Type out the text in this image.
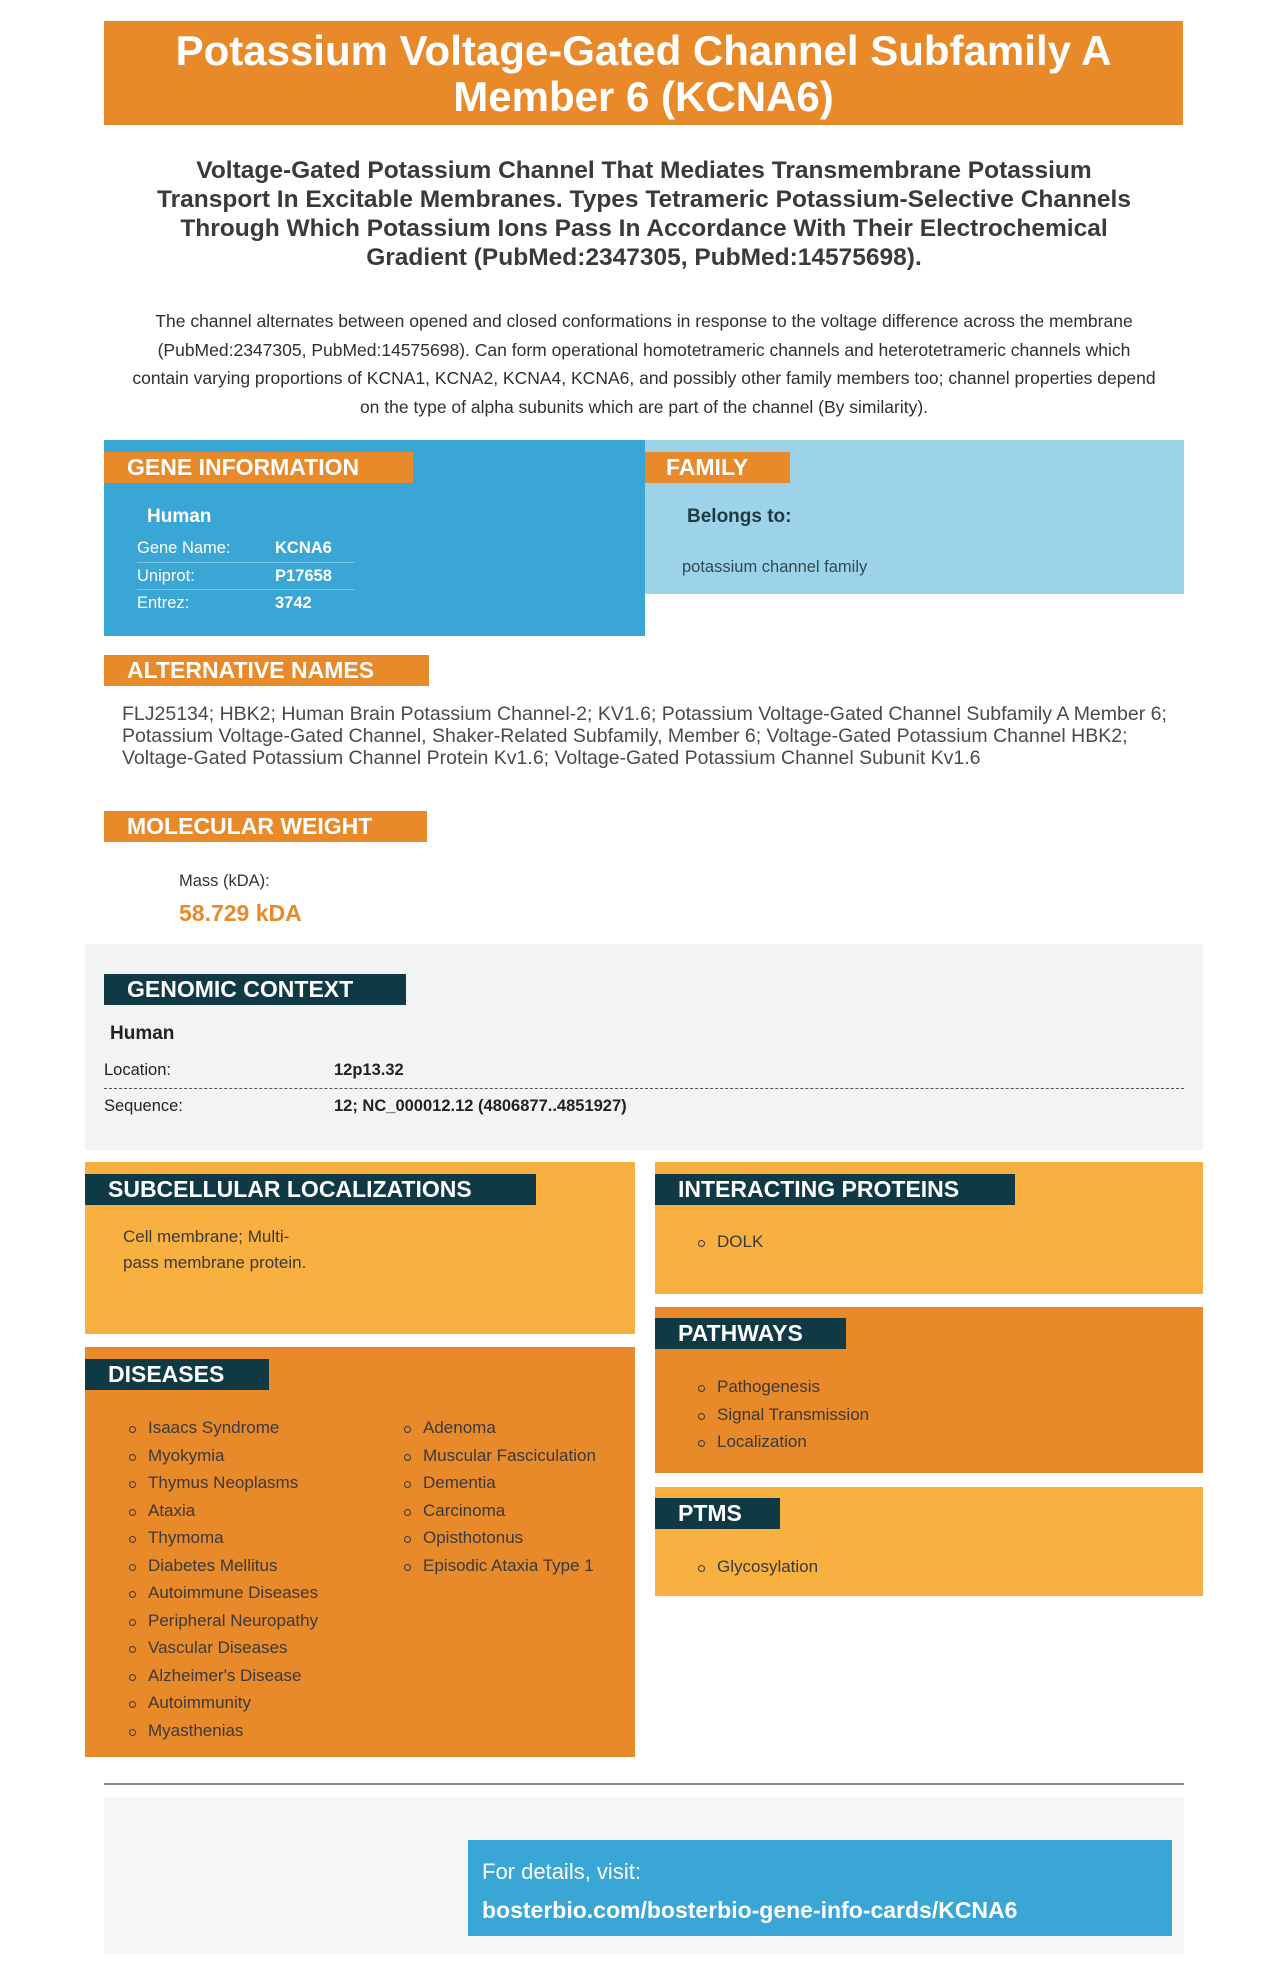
Potassium Voltage-Gated Channel Subfamily A Member 6 (KCNA6)
Voltage-Gated Potassium Channel That Mediates Transmembrane Potassium Transport In Excitable Membranes. Types Tetrameric Potassium-Selective Channels Through Which Potassium Ions Pass In Accordance With Their Electrochemical Gradient (PubMed:2347305, PubMed:14575698).
The channel alternates between opened and closed conformations in response to the voltage difference across the membrane (PubMed:2347305, PubMed:14575698). Can form operational homotetrameric channels and heterotetrameric channels which contain varying proportions of KCNA1, KCNA2, KCNA4, KCNA6, and possibly other family members too; channel properties depend on the type of alpha subunits which are part of the channel (By similarity).
GENE INFORMATION
Human
Gene Name:	KCNA6
Uniprot:	P17658
Entrez:	3742
FAMILY
Belongs to:
potassium channel family
ALTERNATIVE NAMES
FLJ25134; HBK2; Human Brain Potassium Channel-2; KV1.6; Potassium Voltage-Gated Channel Subfamily A Member 6; Potassium Voltage-Gated Channel, Shaker-Related Subfamily, Member 6; Voltage-Gated Potassium Channel HBK2; Voltage-Gated Potassium Channel Protein Kv1.6; Voltage-Gated Potassium Channel Subunit Kv1.6
MOLECULAR WEIGHT
Mass (kDA):
58.729 kDA
GENOMIC CONTEXT
Human
Location:	12p13.32
Sequence:	12; NC_000012.12 (4806877..4851927)
SUBCELLULAR LOCALIZATIONS
Cell membrane; Multi-
pass membrane protein.
INTERACTING PROTEINS
DOLK
PATHWAYS
Pathogenesis
Signal Transmission
Localization
PTMS
Glycosylation
DISEASES
Isaacs Syndrome
Myokymia
Thymus Neoplasms
Ataxia
Thymoma
Diabetes Mellitus
Autoimmune Diseases
Peripheral Neuropathy
Vascular Diseases
Alzheimer's Disease
Autoimmunity
Myasthenias
Adenoma
Muscular Fasciculation
Dementia
Carcinoma
Opisthotonus
Episodic Ataxia Type 1
For details, visit:
bosterbio.com/bosterbio-gene-info-cards/KCNA6
